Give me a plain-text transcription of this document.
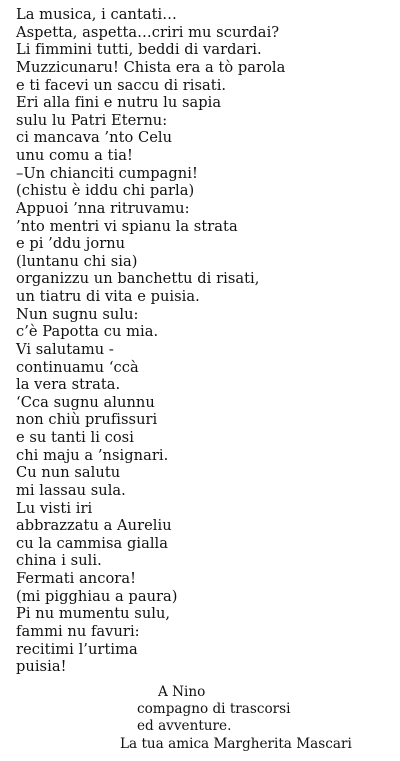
La musica, i cantati…
Aspetta, aspetta…criri mu scurdai?
Li fimmini tutti, beddi di vardari.
Muzzicunaru! Chista era a tò parola
e ti facevi un saccu di risati.
Eri alla fini e nutru lu sapia
sulu lu Patri Eternu:
ci mancava ’nto Celu
unu comu a tia!
–Un chianciti cumpagni!
(chistu è iddu chi parla)
Appuoi ’nna ritruvamu:
’nto mentri vi spianu la strata
e pi ’ddu jornu
(luntanu chi sia)
organizzu un banchettu di risati,
un tiatru di vita e puisia.
Nun sugnu sulu:
c’è Papotta cu mia.
Vi salutamu -
continuamu ‘ccà
la vera strata.
‘Cca sugnu alunnu
non chiù prufissuri
e su tanti li cosi
chi maju a ’nsignari.
Cu nun salutu
mi lassau sula.
Lu visti iri
abbrazzatu a Aureliu
cu la cammisa gialla
china i suli.
Fermati ancora!
(mi pigghiau a paura)
Pi nu mumentu sulu,
fammi nu favuri:
recitimi l’urtima
puisia!
A Nino
compagno di trascorsi
ed avventure.
La tua amica Margherita Mascari
